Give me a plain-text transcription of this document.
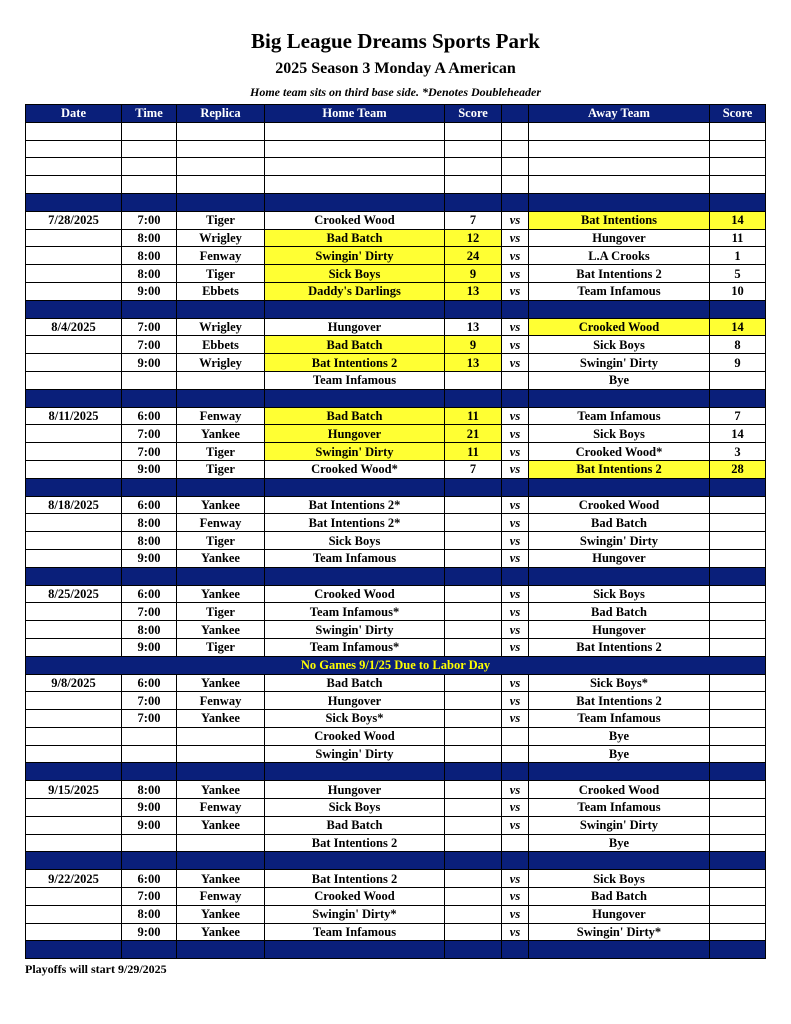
Big League Dreams Sports Park
2025 Season 3 Monday A American
Home team sits on third base side. *Denotes Doubleheader
Date	Time	Replica	Home Team	Score		Away Team	Score

7/28/2025	7:00	Tiger	Crooked Wood	7	vs	Bat Intentions	14
	8:00	Wrigley	Bad Batch	12	vs	Hungover	11
	8:00	Fenway	Swingin' Dirty	24	vs	L.A Crooks	1
	8:00	Tiger	Sick Boys	9	vs	Bat Intentions 2	5
	9:00	Ebbets	Daddy's Darlings	13	vs	Team Infamous	10

8/4/2025	7:00	Wrigley	Hungover	13	vs	Crooked Wood	14
	7:00	Ebbets	Bad Batch	9	vs	Sick Boys	8
	9:00	Wrigley	Bat Intentions 2	13	vs	Swingin' Dirty	9
			Team Infamous			Bye	

8/11/2025	6:00	Fenway	Bad Batch	11	vs	Team Infamous	7
	7:00	Yankee	Hungover	21	vs	Sick Boys	14
	7:00	Tiger	Swingin' Dirty	11	vs	Crooked Wood*	3
	9:00	Tiger	Crooked Wood*	7	vs	Bat Intentions 2	28

8/18/2025	6:00	Yankee	Bat Intentions 2*		vs	Crooked Wood	
	8:00	Fenway	Bat Intentions 2*		vs	Bad Batch	
	8:00	Tiger	Sick Boys		vs	Swingin' Dirty	
	9:00	Yankee	Team Infamous		vs	Hungover	

8/25/2025	6:00	Yankee	Crooked Wood		vs	Sick Boys	
	7:00	Tiger	Team Infamous*		vs	Bad Batch	
	8:00	Yankee	Swingin' Dirty		vs	Hungover	
	9:00	Tiger	Team Infamous*		vs	Bat Intentions 2	
No Games 9/1/25 Due to Labor Day							
9/8/2025	6:00	Yankee	Bad Batch		vs	Sick Boys*	
	7:00	Fenway	Hungover		vs	Bat Intentions 2	
	7:00	Yankee	Sick Boys*		vs	Team Infamous	
			Crooked Wood			Bye	
			Swingin' Dirty			Bye	

9/15/2025	8:00	Yankee	Hungover		vs	Crooked Wood	
	9:00	Fenway	Sick Boys		vs	Team Infamous	
	9:00	Yankee	Bad Batch		vs	Swingin' Dirty	
			Bat Intentions 2			Bye	

9/22/2025	6:00	Yankee	Bat Intentions 2		vs	Sick Boys	
	7:00	Fenway	Crooked Wood		vs	Bad Batch	
	8:00	Yankee	Swingin' Dirty*		vs	Hungover	
	9:00	Yankee	Team Infamous		vs	Swingin' Dirty*	

Playoffs will start 9/29/2025
